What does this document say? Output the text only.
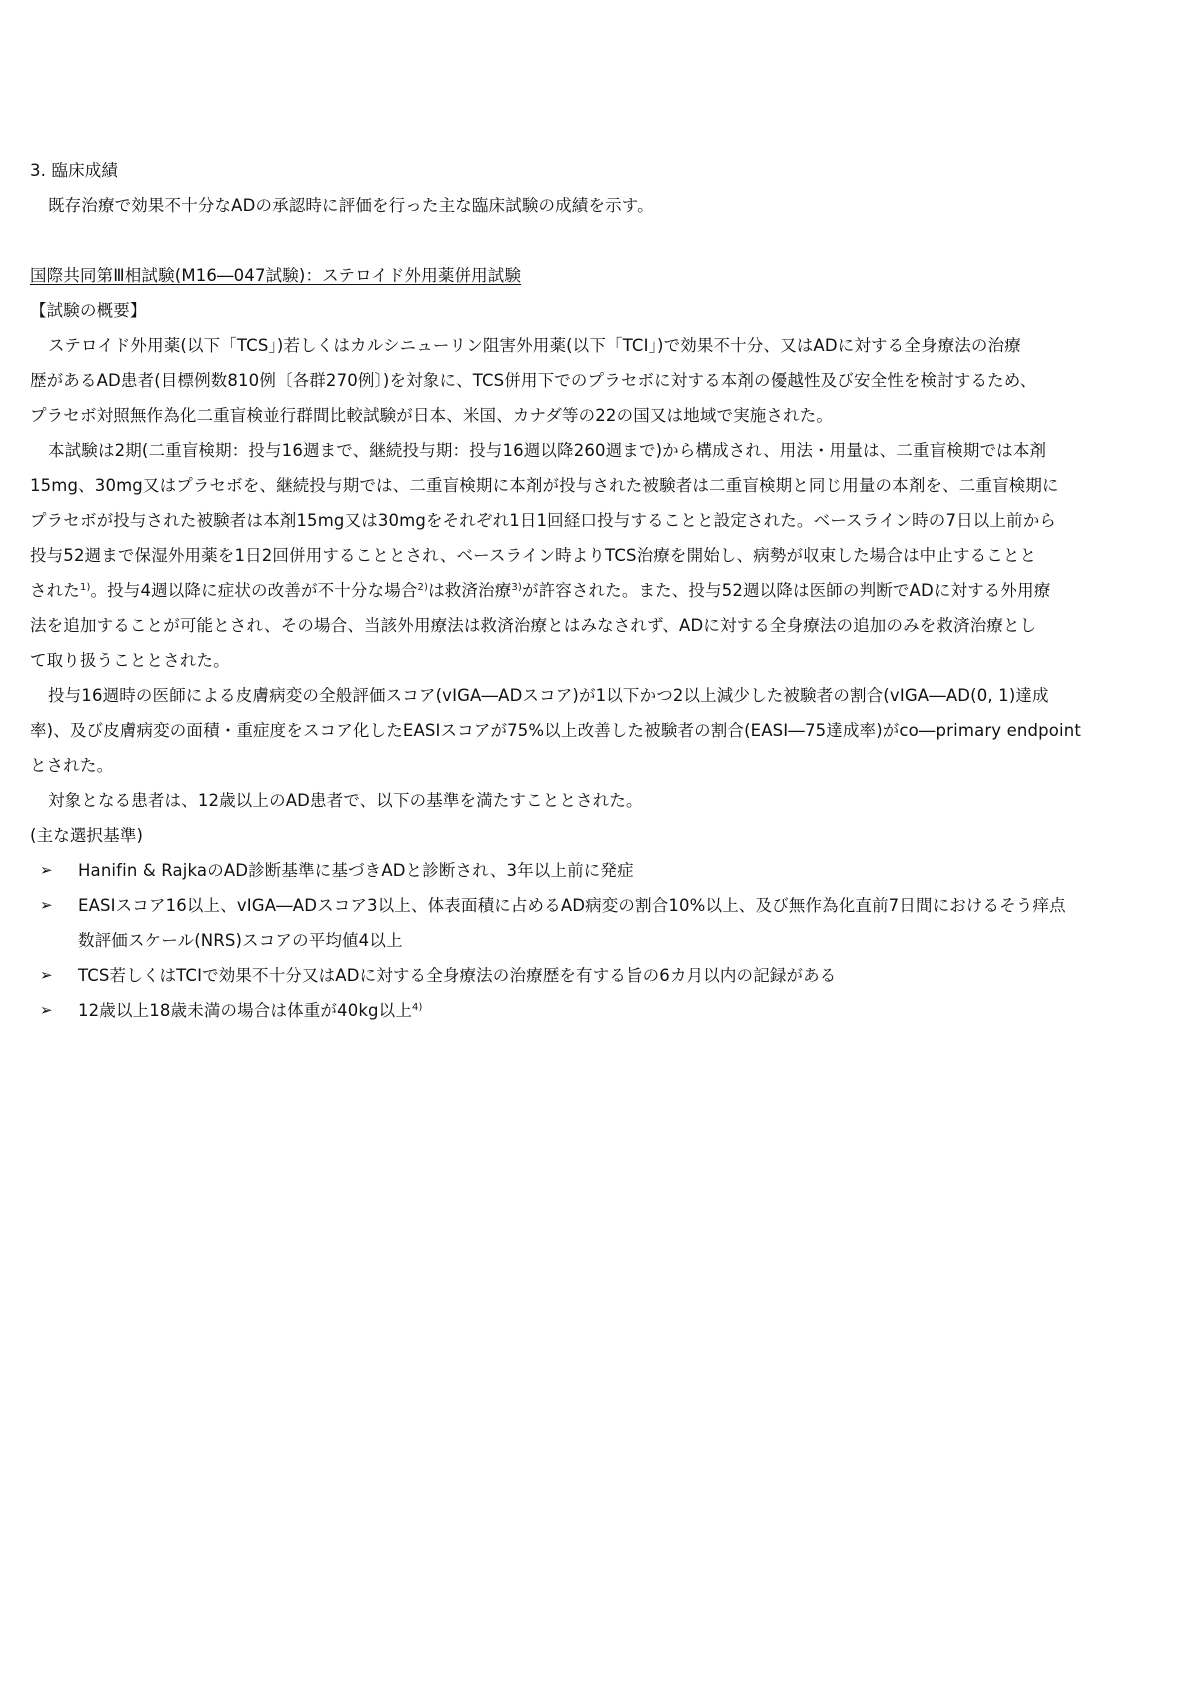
3. 臨床成績
既存治療で効果不十分なADの承認時に評価を行った主な臨床試験の成績を示す。
国際共同第Ⅲ相試験(M16―047試験)：ステロイド外用薬併用試験
【試験の概要】
ステロイド外用薬(以下「TCS」)若しくはカルシニューリン阻害外用薬(以下「TCI」)で効果不十分、又はADに対する全身療法の治療
歴があるAD患者(目標例数810例〔各群270例〕)を対象に、TCS併用下でのプラセボに対する本剤の優越性及び安全性を検討するため、
プラセボ対照無作為化二重盲検並行群間比較試験が日本、米国、カナダ等の22の国又は地域で実施された。
本試験は2期(二重盲検期：投与16週まで、継続投与期：投与16週以降260週まで)から構成され、用法・用量は、二重盲検期では本剤
15mg、30mg又はプラセボを、継続投与期では、二重盲検期に本剤が投与された被験者は二重盲検期と同じ用量の本剤を、二重盲検期に
プラセボが投与された被験者は本剤15mg又は30mgをそれぞれ1日1回経口投与することと設定された。ベースライン時の7日以上前から
投与52週まで保湿外用薬を1日2回併用することとされ、ベースライン時よりTCS治療を開始し、病勢が収束した場合は中止することと
された$^{1)}$。投与4週以降に症状の改善が不十分な場合$^{2)}$は救済治療$^{3)}$が許容された。また、投与52週以降は医師の判断でADに対する外用療
法を追加することが可能とされ、その場合、当該外用療法は救済治療とはみなされず、ADに対する全身療法の追加のみを救済治療とし
て取り扱うこととされた。
投与16週時の医師による皮膚病変の全般評価スコア(vIGA―ADスコア)が1以下かつ2以上減少した被験者の割合(vIGA―AD(0, 1)達成
率)、及び皮膚病変の面積・重症度をスコア化したEASIスコアが75%以上改善した被験者の割合(EASI―75達成率)がco―primary endpoint
とされた。
対象となる患者は、12歳以上のAD患者で、以下の基準を満たすこととされた。
(主な選択基準)
➢ Hanifin & RajkaのAD診断基準に基づきADと診断され、3年以上前に発症
➢ EASIスコア16以上、vIGA―ADスコア3以上、体表面積に占めるAD病変の割合10%以上、及び無作為化直前7日間におけるそう痒点
数評価スケール(NRS)スコアの平均値4以上
➢ TCS若しくはTCIで効果不十分又はADに対する全身療法の治療歴を有する旨の6カ月以内の記録がある
➢ 12歳以上18歳未満の場合は体重が40kg以上$^{4)}$
